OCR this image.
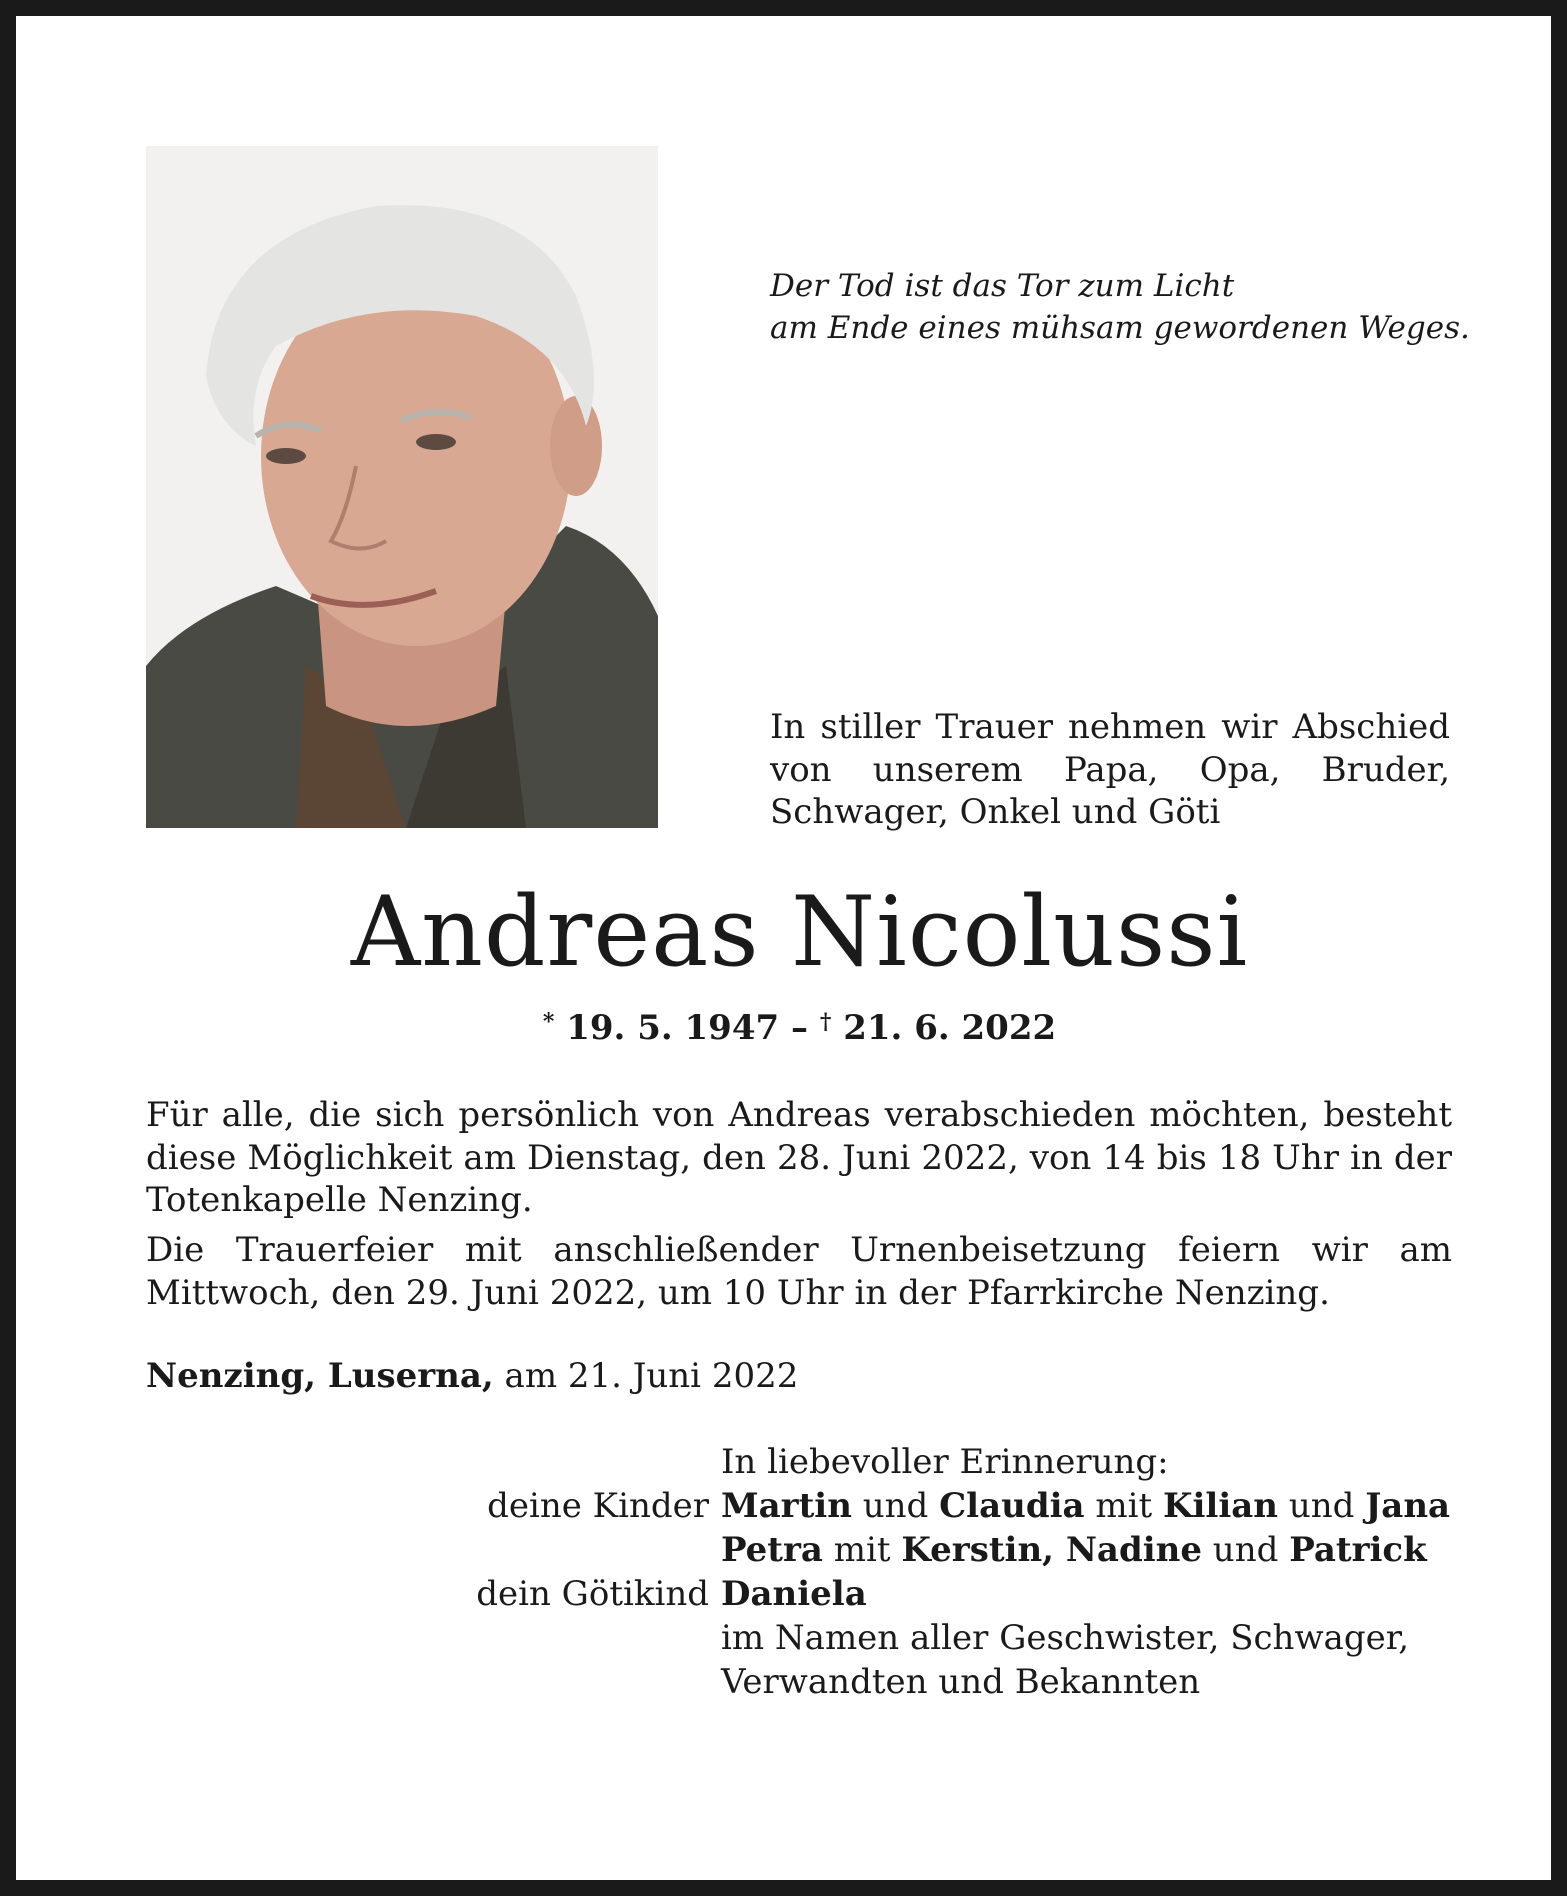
Der Tod ist das Tor zum Licht
am Ende eines mühsam gewordenen Weges.
In stiller Trauer nehmen wir Abschied von unserem Papa, Opa, Bruder, Schwager, Onkel und Göti
Andreas Nicolussi
* 19. 5. 1947 – † 21. 6. 2022
Für alle, die sich persönlich von Andreas verabschieden möchten, besteht diese Möglichkeit am Dienstag, den 28. Juni 2022, von 14 bis 18 Uhr in der Totenkapelle Nenzing.
Die Trauerfeier mit anschließender Urnenbeisetzung feiern wir am Mittwoch, den 29. Juni 2022, um 10 Uhr in der Pfarrkirche Nenzing.
Nenzing, Luserna, am 21. Juni 2022
In liebevoller Erinnerung:
deine Kinder Martin und Claudia mit Kilian und Jana
Petra mit Kerstin, Nadine und Patrick
dein Götikind Daniela
im Namen aller Geschwister, Schwager,
Verwandten und Bekannten
